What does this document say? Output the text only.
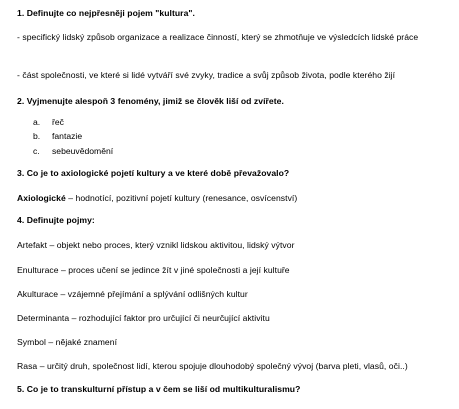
1. Definujte co nejpřesněji pojem "kultura".
- specifický lidský způsob organizace a realizace činností, který se zhmotňuje ve výsledcích lidské práce
- část společnosti, ve které si lidé vytváří své zvyky, tradice a svůj způsob života, podle kterého žijí
2. Vyjmenujte alespoň 3 fenomény, jimiž se člověk liší od zvířete.
a. řeč
b. fantazie
c. sebeuvědomění
3. Co je to axiologické pojetí kultury a ve které době převažovalo?
Axiologické – hodnotící, pozitivní pojetí kultury (renesance, osvícenství)
4. Definujte pojmy:
Artefakt – objekt nebo proces, který vznikl lidskou aktivitou, lidský výtvor
Enulturace – proces učení se jedince žít v jiné společnosti a její kultuře
Akulturace – vzájemné přejímání a splývání odlišných kultur
Determinanta – rozhodující faktor pro určující či neurčující aktivitu
Symbol – nějaké znamení
Rasa – určitý druh, společnost lidí, kterou spojuje dlouhodobý společný vývoj (barva pleti, vlasů, oči..)
5. Co je to transkulturní přístup a v čem se liší od multikulturalismu?
